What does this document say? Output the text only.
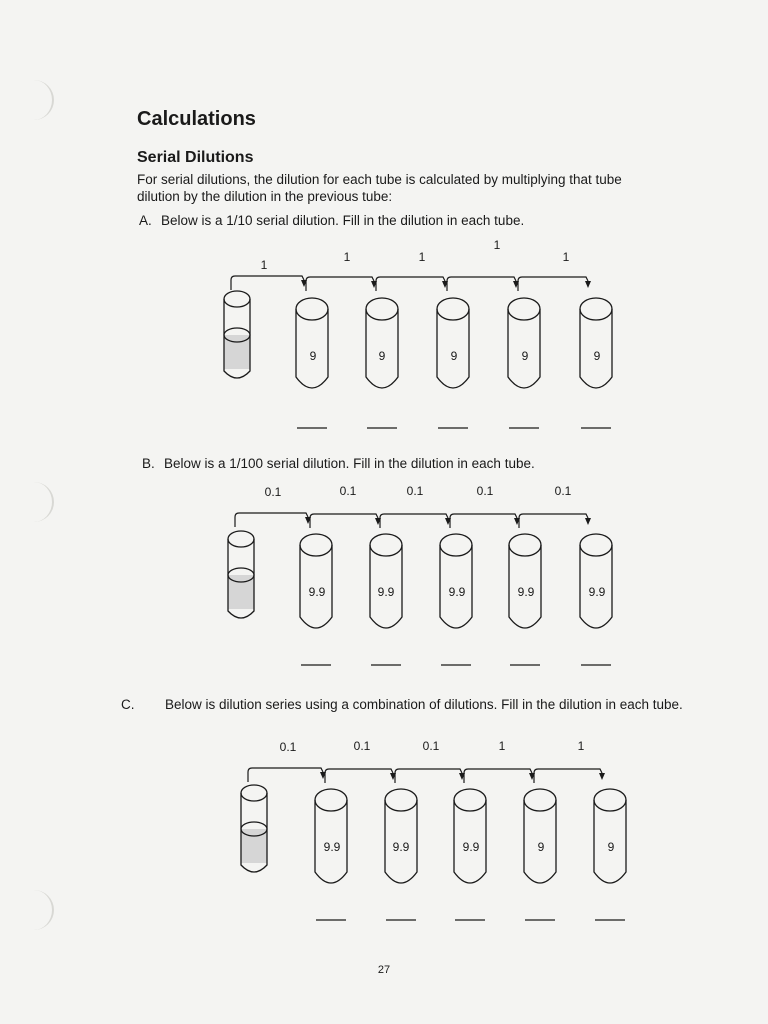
Calculations
Serial Dilutions

For serial dilutions, the dilution for each tube is calculated by multiplying that tube dilution by the dilution in the previous tube:

A. Below is a 1/10 serial dilution. Fill in the dilution in each tube.

B. Below is a 1/100 serial dilution. Fill in the dilution in each tube.

C. Below is dilution series using a combination of dilutions. Fill in the dilution in each tube.

9	9	9	9	9
1
1	1
1
1
9.9	9.9	9.9	9.9	9.9
0.1	0.1	0.1	0.1	0.1
9.9	9.9	9.9	9	9
0.1	0.1	0.1	1	1

27
